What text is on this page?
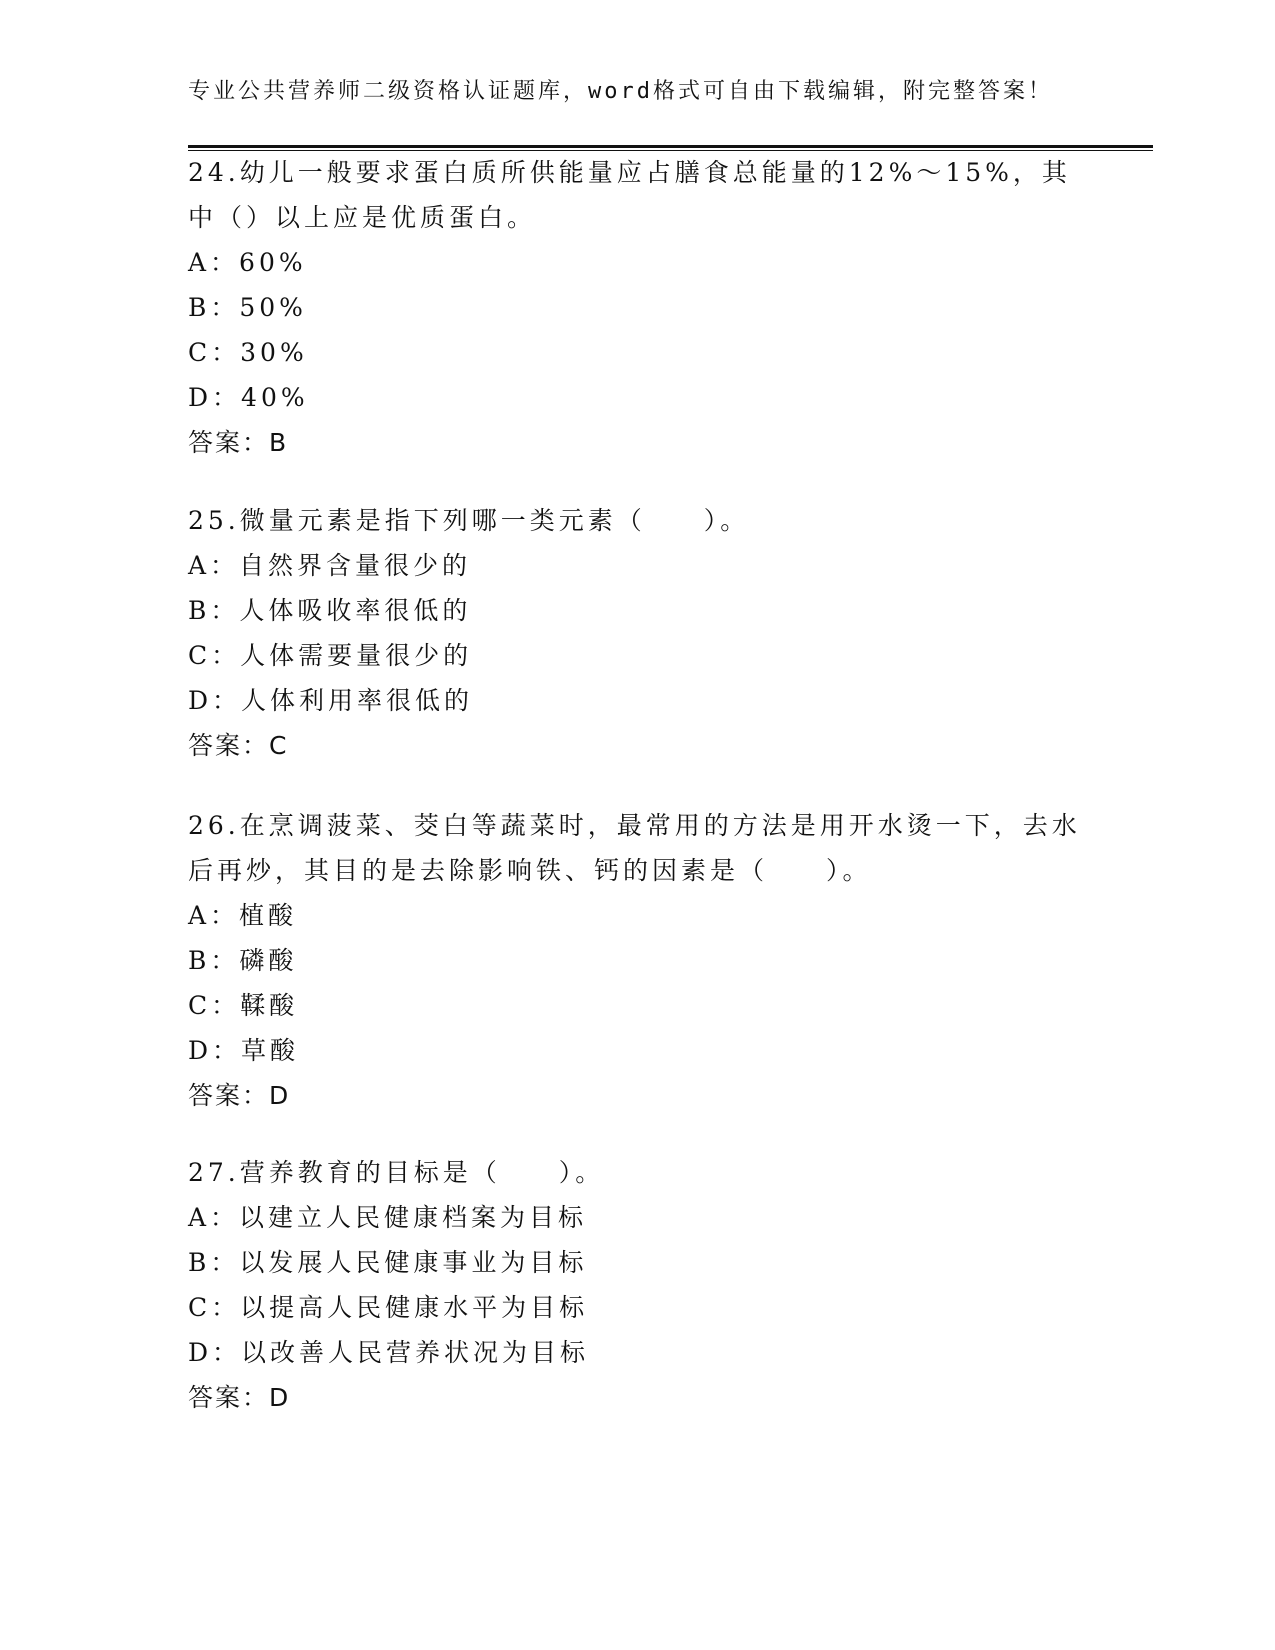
专业公共营养师二级资格认证题库，word格式可自由下载编辑，附完整答案！

24.幼儿一般要求蛋白质所供能量应占膳食总能量的12%～15%，其中（）以上应是优质蛋白。

A：60%

B：50%

C：30%

D：40%

答案：B

25.微量元素是指下列哪一类元素（　　）。

A：自然界含量很少的

B：人体吸收率很低的

C：人体需要量很少的

D：人体利用率很低的

答案：C

26.在烹调菠菜、茭白等蔬菜时，最常用的方法是用开水烫一下，去水后再炒，其目的是去除影响铁、钙的因素是（　　）。

A：植酸

B：磷酸

C：鞣酸

D：草酸

答案：D

27.营养教育的目标是（　　）。

A：以建立人民健康档案为目标

B：以发展人民健康事业为目标

C：以提高人民健康水平为目标

D：以改善人民营养状况为目标

答案：D
